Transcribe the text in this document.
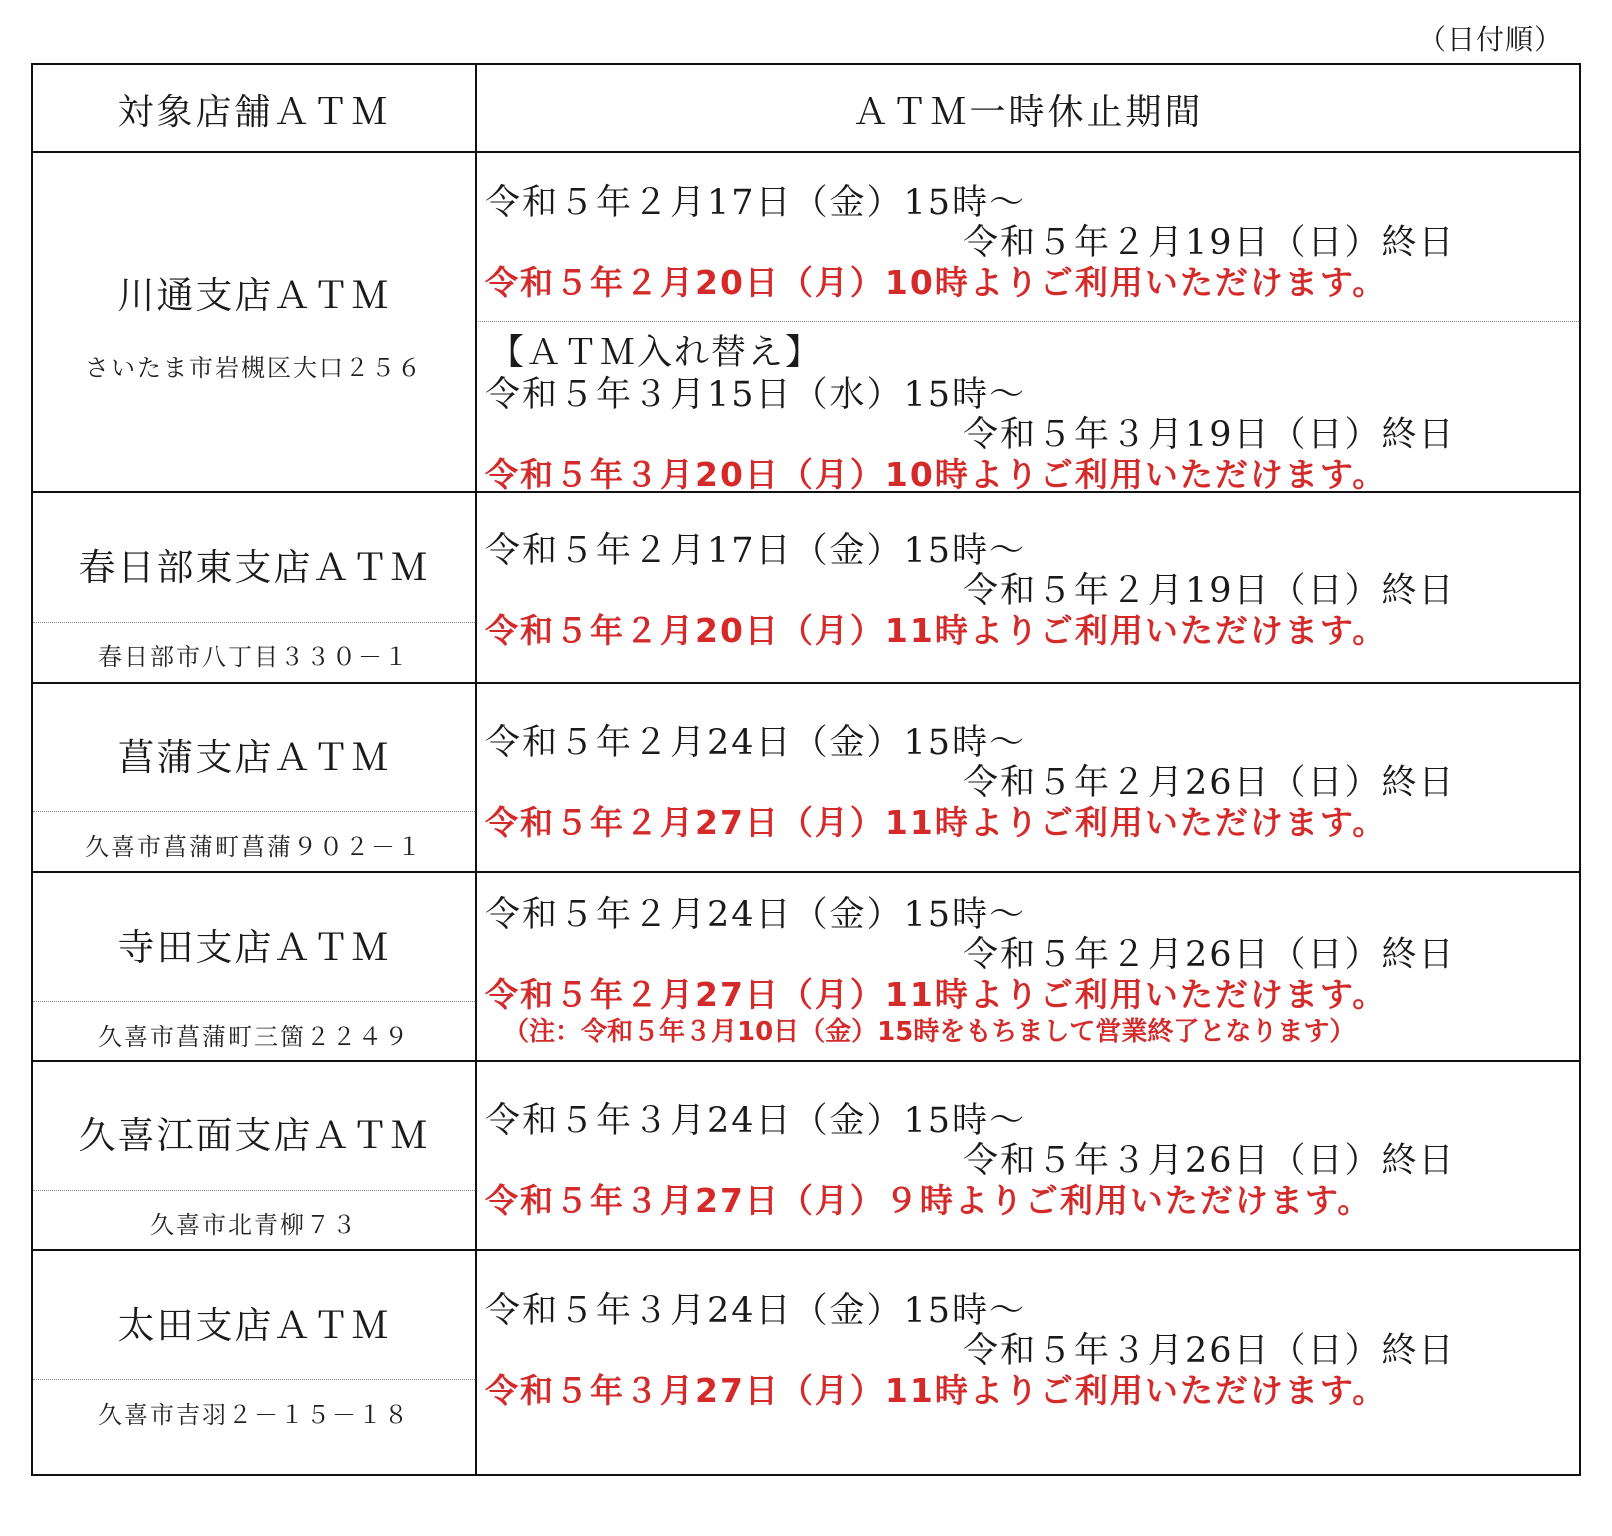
（日付順）
対象店舗ＡＴＭ	ＡＴＭ一時休止期間
川通支店ＡＴＭ
さいたま市岩槻区大口２５６
令和５年２月17日（金）15時～
令和５年２月19日（日）終日
令和５年２月20日（月）10時よりご利用いただけます。
【ＡＴＭ入れ替え】
令和５年３月15日（水）15時～
令和５年３月19日（日）終日
令和５年３月20日（月）10時よりご利用いただけます。
春日部東支店ＡＴＭ
春日部市八丁目３３０－１
令和５年２月17日（金）15時～
令和５年２月19日（日）終日
令和５年２月20日（月）11時よりご利用いただけます。
菖蒲支店ＡＴＭ
久喜市菖蒲町菖蒲９０２－１
令和５年２月24日（金）15時～
令和５年２月26日（日）終日
令和５年２月27日（月）11時よりご利用いただけます。
寺田支店ＡＴＭ
久喜市菖蒲町三箇２２４９
令和５年２月24日（金）15時～
令和５年２月26日（日）終日
令和５年２月27日（月）11時よりご利用いただけます。
（注：令和５年３月10日（金）15時をもちまして営業終了となります）
久喜江面支店ＡＴＭ
久喜市北青柳７３
令和５年３月24日（金）15時～
令和５年３月26日（日）終日
令和５年３月27日（月）９時よりご利用いただけます。
太田支店ＡＴＭ
久喜市吉羽２－１５－１８
令和５年３月24日（金）15時～
令和５年３月26日（日）終日
令和５年３月27日（月）11時よりご利用いただけます。
